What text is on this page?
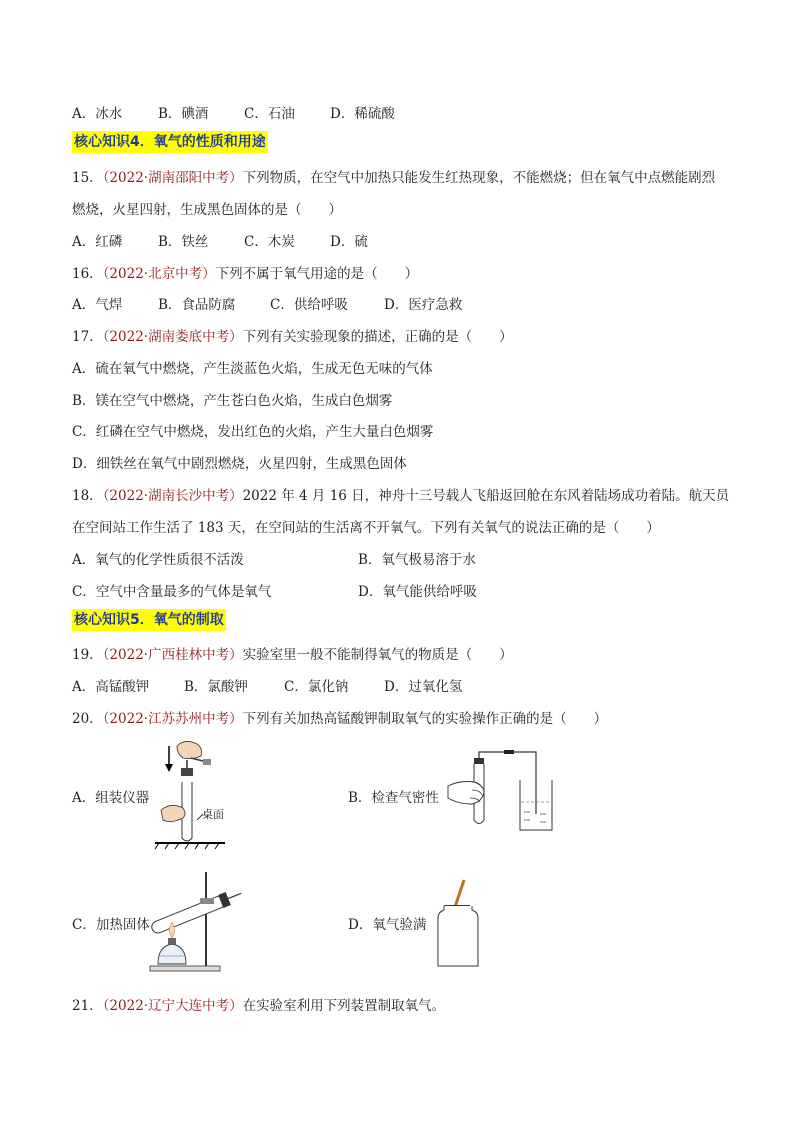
A．冰水	B．碘酒	C．石油	D．稀硫酸
核心知识4．氧气的性质和用途
15．（2022·湖南邵阳中考）下列物质，在空气中加热只能发生红热现象，不能燃烧；但在氧气中点燃能剧烈
燃烧，火星四射，生成黑色固体的是（　　）
A．红磷	B．铁丝	C．木炭	D．硫
16．（2022·北京中考）下列不属于氧气用途的是（　　）
A．气焊	B．食品防腐	C．供给呼吸	D．医疗急救
17．（2022·湖南娄底中考）下列有关实验现象的描述，正确的是（　　）
A．硫在氧气中燃烧，产生淡蓝色火焰，生成无色无味的气体
B．镁在空气中燃烧，产生苍白色火焰，生成白色烟雾
C．红磷在空气中燃烧，发出红色的火焰，产生大量白色烟雾
D．细铁丝在氧气中剧烈燃烧，火星四射，生成黑色固体
18．（2022·湖南长沙中考）2022 年 4 月 16 日，神舟十三号载人飞船返回舱在东风着陆场成功着陆。航天员
在空间站工作生活了 183 天，在空间站的生活离不开氧气。下列有关氧气的说法正确的是（　　）
A．氧气的化学性质很不活泼	B．氧气极易溶于水
C．空气中含量最多的气体是氧气	D．氧气能供给呼吸
核心知识5．氧气的制取
19．（2022·广西桂林中考）实验室里一般不能制得氧气的物质是（　　）
A．高锰酸钾	B．氯酸钾	C．氯化钠	D．过氧化氢
20．（2022·江苏苏州中考）下列有关加热高锰酸钾制取氧气的实验操作正确的是（　　）
A．组装仪器
桌面
B．检查气密性
C．加热固体	D．氧气验满
21．（2022·辽宁大连中考）在实验室利用下列装置制取氧气。
